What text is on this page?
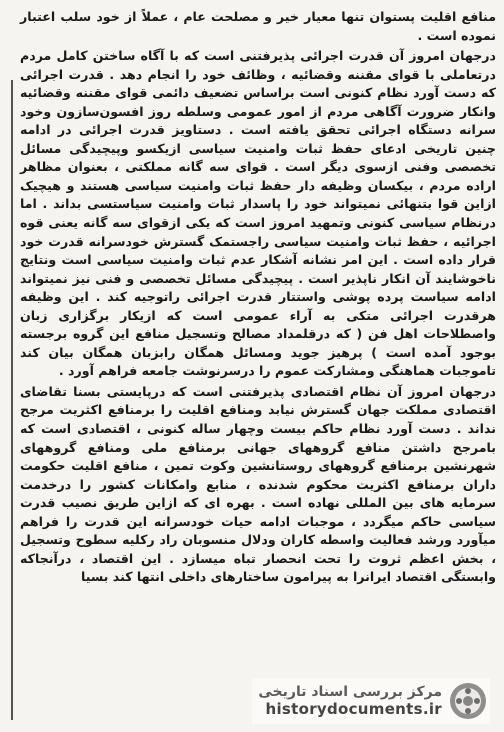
منافع اقلیت پستوان تنها معیار خیر و مصلحت عام ، عملاً از خود سلب اعتبار نموده است .

درجهان امروز آن قدرت اجرائی پذیرفتنی است که با آگاه ساختن کامل مردم درتعاملی با قوای مقننه وقضائیه ، وظائف خود را انجام دهد . قدرت اجرائی که دست آورد نظام کنونی است براساس تضعیف دائمی قوای مقننه وقضائیه وانکار ضرورت آگاهی مردم از امور عمومی وسلطه روز افسون‌سازون وخود سرانه دستگاه اجرائی تحقق یافته است . دستاویز قدرت اجرائی در ادامه چنین تاریخی ادعای حفظ ثبات وامنیت سیاسی ازیکسو وپیچیدگی مسائل تخصصی وفنی ازسوی دیگر است . قوای سه گانه مملکتی ، بعنوان مظاهر اراده مردم ، بیکسان وظیفه دار حفظ ثبات وامنیت سیاسی هستند و هیچیک ازاین قوا بتنهائی نمیتواند خود را پاسدار ثبات وامنیت سیاستسی بداند . اما درنظام سیاسی کنونی وتمهید امروز است که یکی ازقوای سه گانه یعنی قوه اجرائیه ، حفظ ثبات وامنیت سیاسی راجستمک گسترش خودسرانه قدرت خود قرار داده است . این امر نشانه آشکار عدم ثبات وامنیت سیاسی است ونتایج ناخوشایند آن انکار ناپذیر است . پیچیدگی مسائل تخصصی و فنی نیز نمیتواند ادامه سیاست پرده پوشی واستتار قدرت اجرائی راتوجیه کند . این وظیفه هرقدرت اجرائی متکی به آراء عمومی است که ازیکار برگزاری زبان واصطلاحات اهل فن ( که درقلمداد مصالح وتسجیل منافع این گروه برجسته بوجود آمده است ) پرهیز جوید ومسائل همگان رابزبان همگان بیان کند تاموجبات هماهنگی ومشارکت عموم را درسرنوشت جامعه فراهم آورد .

درجهان امروز آن نظام اقتصادی پذیرفتنی است که درپایستی بسنا تقاضای اقتصادی مملکت جهان گسترش نیابد ومنافع اقلیت را برمنافع اکثریت مرجح نداند . دست آورد نظام حاکم بیست وچهار ساله کنونی ، اقتصادی است که بامرجح داشتن منافع گروههای جهانی برمنافع ملی ومنافع گروههای شهرنشین برمنافع گروههای روستانشین وکوت تمین ، منافع اقلیت حکومت داران برمنافع اکثریت محکوم شدنده ، منابع وامکانات کشور را درخدمت سرمایه های بین المللی نهاده است . بهره ای که ازاین طریق نصیب قدرت سیاسی حاکم میگردد ، موجبات ادامه حیات خودسرانه این قدرت را فراهم میآورد ورشد فعالیت واسطه کاران ودلال منسوبان راد رکلیه سطوح وتسجیل ، بخش اعظم ثروت را تحت انحصار تباه میسازد . این اقتصاد ، درآنجاکه وابستگی اقتصاد ایرانرا به پیرامون ساختارهای داخلی انتها کند بسیا

مرکز بررسی اسناد تاریخی
historydocuments.ir
